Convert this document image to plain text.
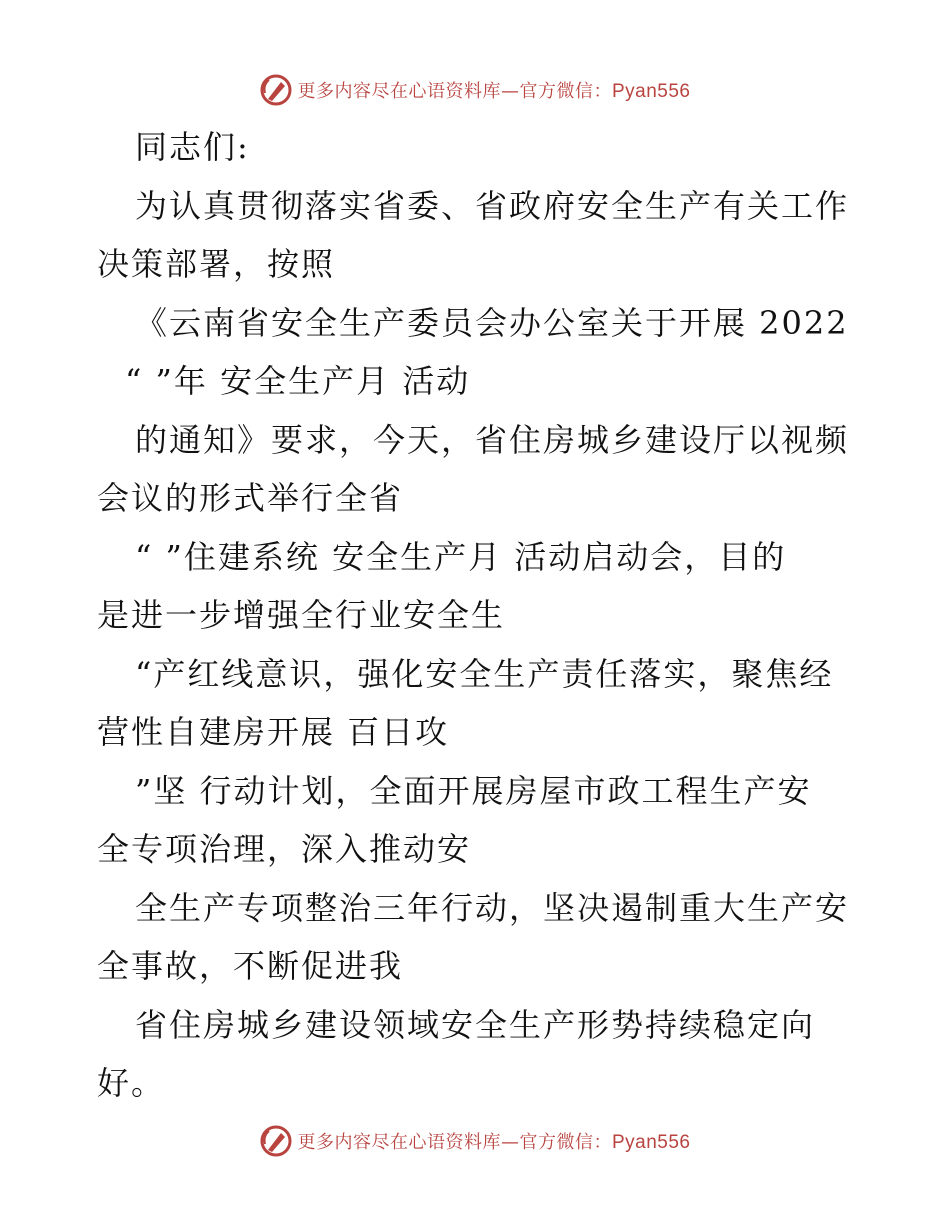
更多内容尽在心语资料库—官方微信：Pyan556
同志们:
为认真贯彻落实省委、省政府安全生产有关工作
决策部署，按照
《云南省安全生产委员会办公室关于开展 2022
“ ”年 安全生产月 活动
的通知》要求，今天，省住房城乡建设厅以视频
会议的形式举行全省
“ ”住建系统 安全生产月 活动启动会，目的
是进一步增强全行业安全生
“产红线意识，强化安全生产责任落实，聚焦经
营性自建房开展 百日攻
”坚 行动计划，全面开展房屋市政工程生产安
全专项治理，深入推动安
全生产专项整治三年行动，坚决遏制重大生产安
全事故，不断促进我
省住房城乡建设领域安全生产形势持续稳定向
好。
更多内容尽在心语资料库—官方微信：Pyan556
